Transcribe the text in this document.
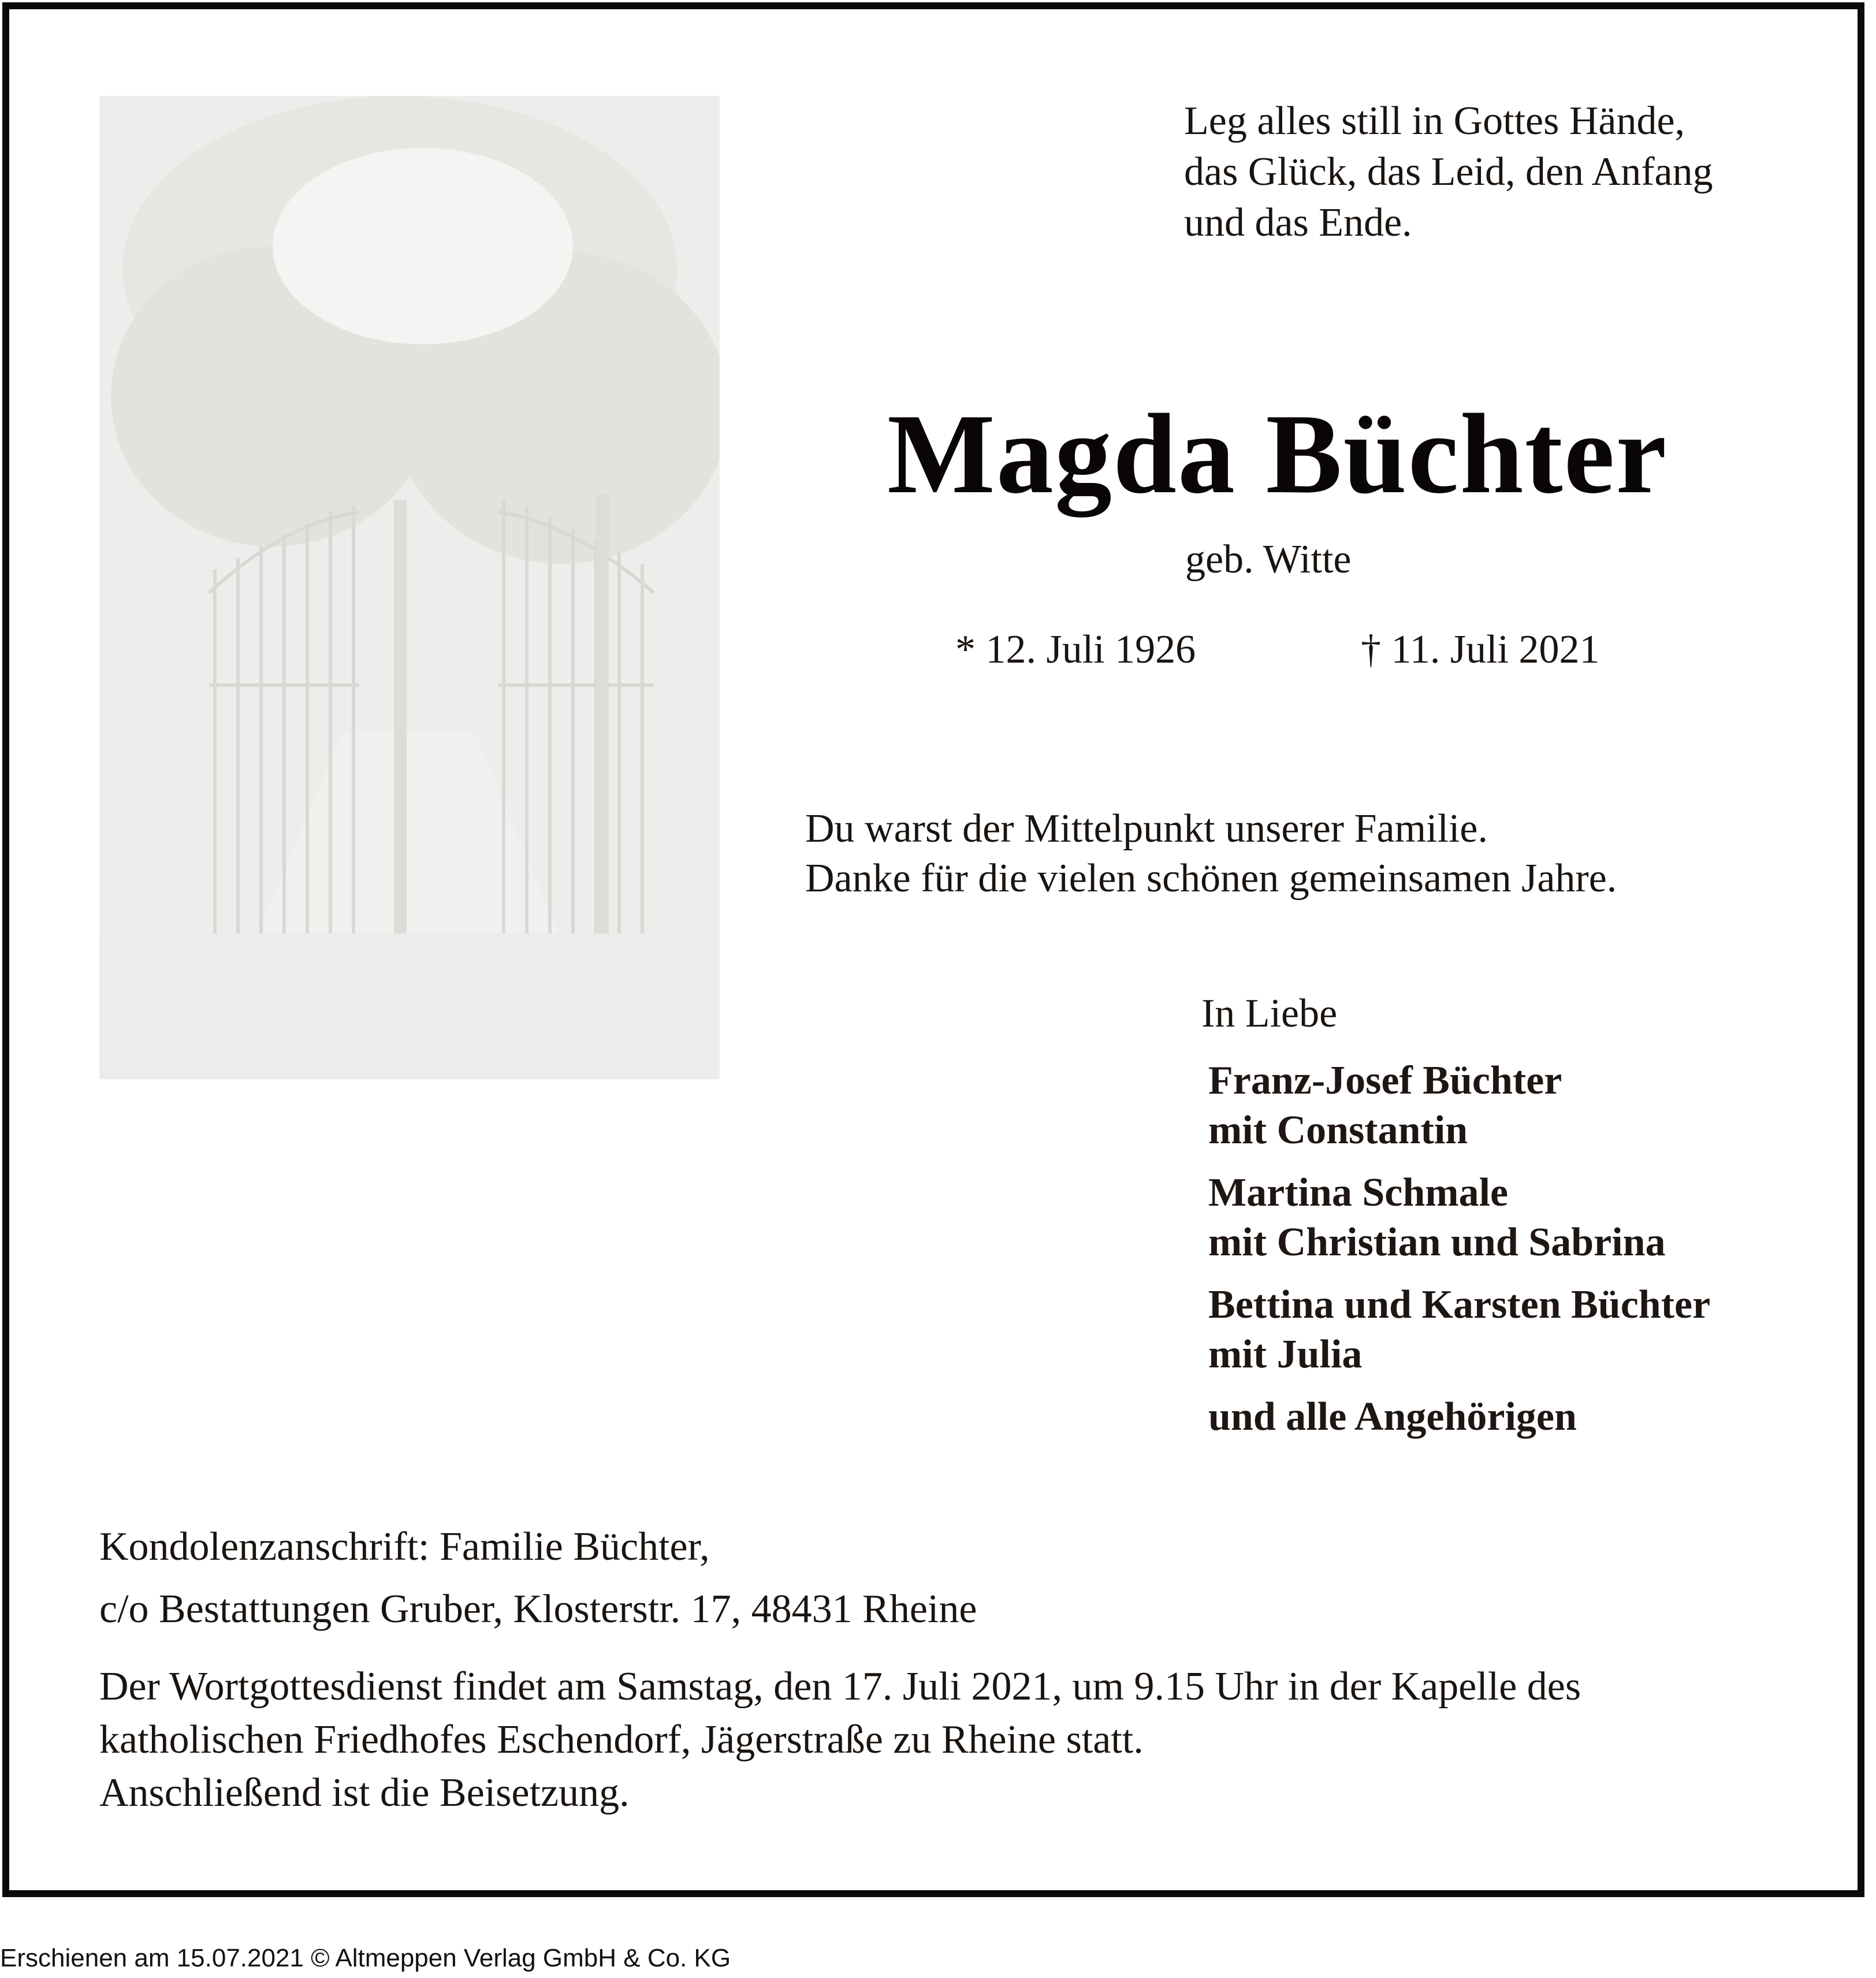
Leg alles still in Gottes Hände,
das Glück, das Leid, den Anfang
und das Ende.
Magda Büchter
geb. Witte
* 12. Juli 1926	† 11. Juli 2021
Du warst der Mittelpunkt unserer Familie.
Danke für die vielen schönen gemeinsamen Jahre.
In Liebe
Franz-Josef Büchter
mit Constantin
Martina Schmale
mit Christian und Sabrina
Bettina und Karsten Büchter
mit Julia
und alle Angehörigen
Kondolenzanschrift: Familie Büchter,
c/o Bestattungen Gruber, Klosterstr. 17, 48431 Rheine
Der Wortgottesdienst findet am Samstag, den 17. Juli 2021, um 9.15 Uhr in der Kapelle des
katholischen Friedhofes Eschendorf, Jägerstraße zu Rheine statt.
Anschließend ist die Beisetzung.
Erschienen am 15.07.2021 © Altmeppen Verlag GmbH & Co. KG
